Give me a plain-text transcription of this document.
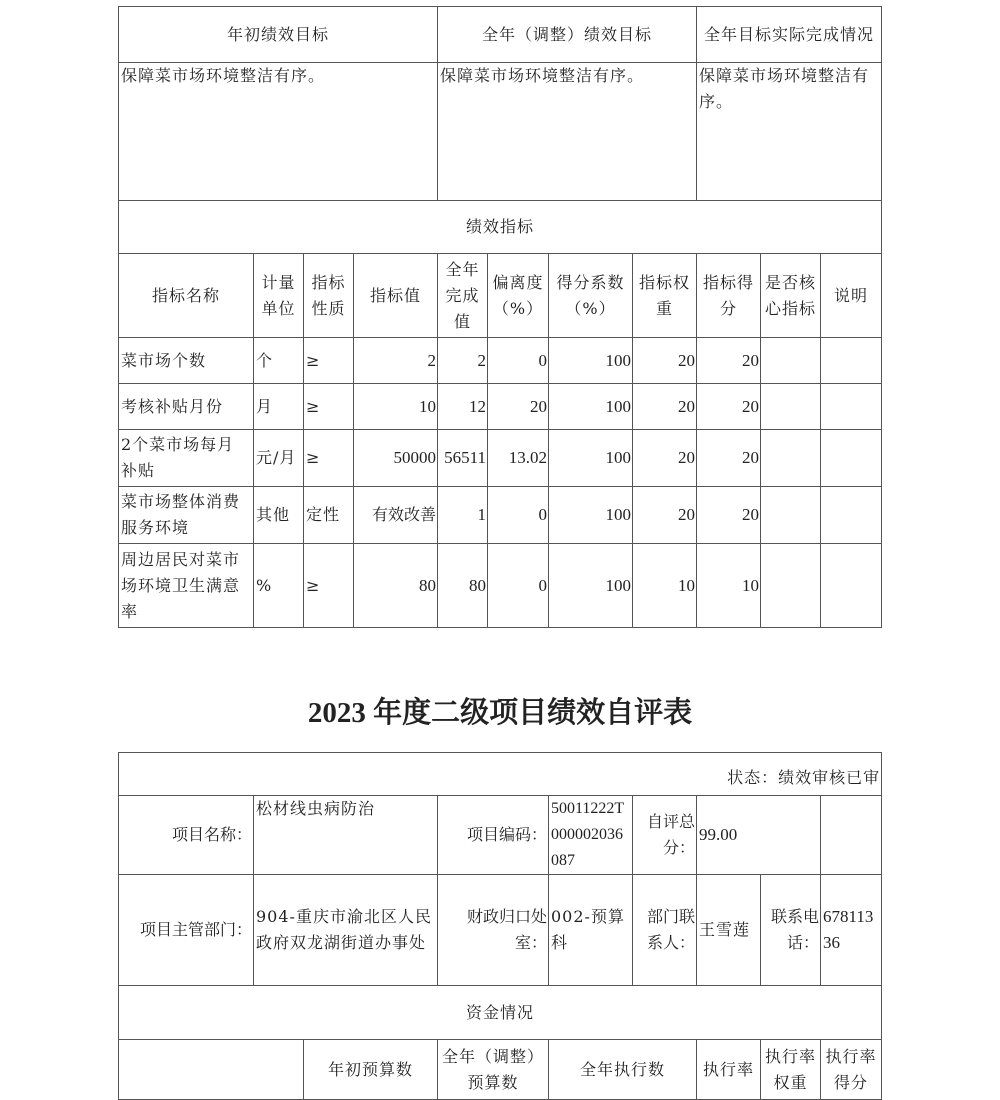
年初绩效目标				全年（调整）绩效目标				全年目标实际完成情况		
保障菜市场环境整洁有序。				保障菜市场环境整洁有序。				保障菜市场环境整洁有序。		
绩效指标										
指标名称	计量单位	指标性质	指标值	全年完成值	偏离度（%）	得分系数（%）	指标权重	指标得分	是否核心指标	说明
菜市场个数	个	≥	2	2	0	100	20	20		
考核补贴月份	月	≥	10	12	20	100	20	20		
2个菜市场每月补贴	元/月	≥	50000	56511	13.02	100	20	20		
菜市场整体消费服务环境	其他	定性	有效改善	1	0	100	20	20		
周边居民对菜市场环境卫生满意率	%	≥	80	80	0	100	10	10		
2023 年度二级项目绩效自评表
状态：绩效审核已审								
项目名称：	松材线虫病防治		项目编码：	50011222T000002036087	自评总分：	99.00		
项目主管部门：	904-重庆市渝北区人民政府双龙湖街道办事处		财政归口处室：	002-预算科	部门联系人：	王雪莲	联系电话：	67811336
资金情况								
		年初预算数	全年（调整）预算数	全年执行数		执行率	执行率权重	执行率得分
